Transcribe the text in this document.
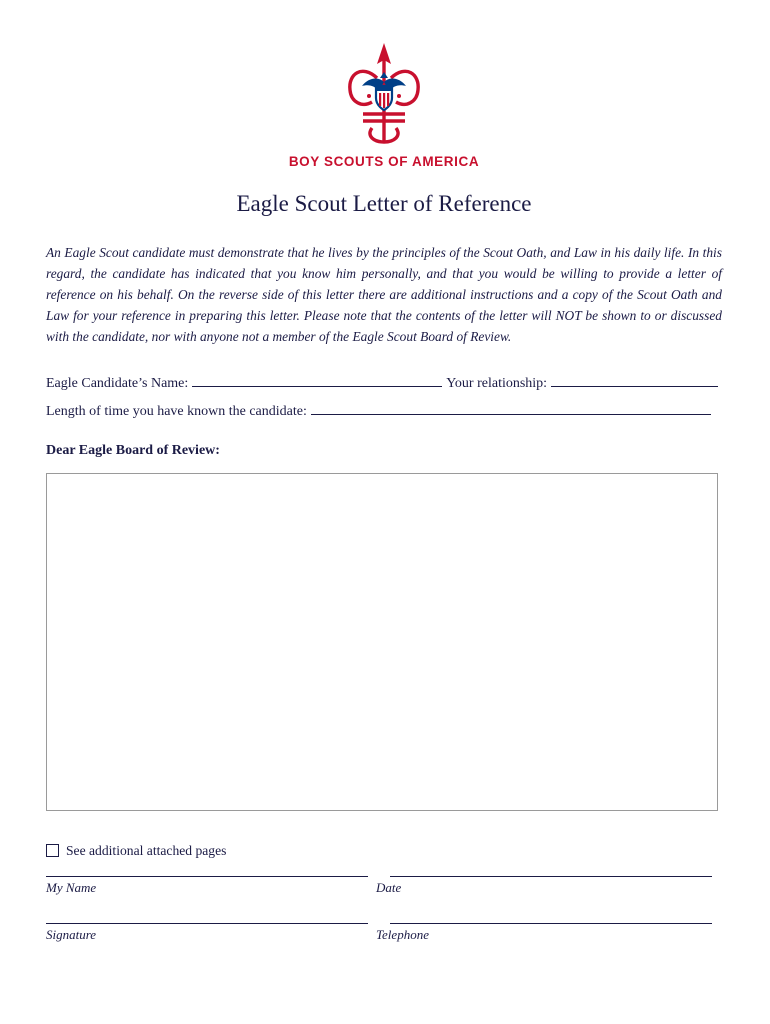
BOY SCOUTS OF AMERICA
Eagle Scout Letter of Reference

An Eagle Scout candidate must demonstrate that he lives by the principles of the Scout Oath, and Law in his daily life. In this regard, the candidate has indicated that you know him personally, and that you would be willing to provide a letter of reference on his behalf. On the reverse side of this letter there are additional instructions and a copy of the Scout Oath and Law for your reference in preparing this letter. Please note that the contents of the letter will NOT be shown to or discussed with the candidate, nor with anyone not a member of the Eagle Scout Board of Review.

Eagle Candidate’s Name:	Your relationship:
Length of time you have known the candidate:
Dear Eagle Board of Review:
See additional attached pages
My Name	Date
Signature	Telephone
